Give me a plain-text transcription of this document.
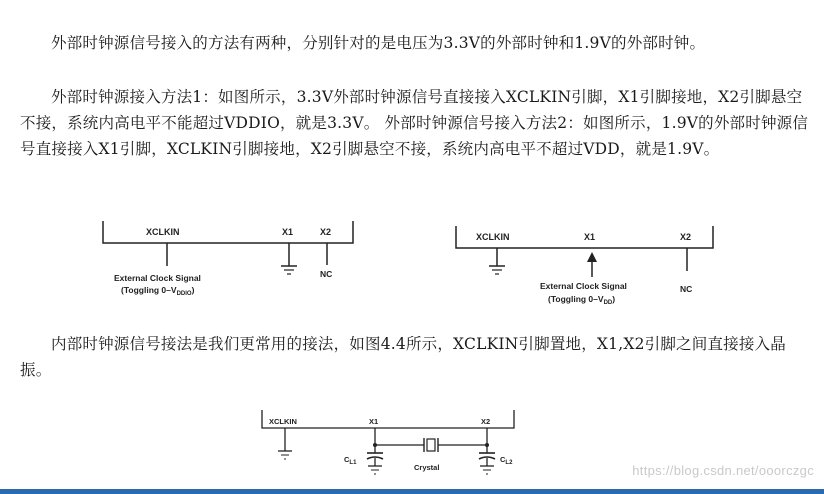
外部时钟源信号接入的方法有两种，分别针对的是电压为3.3V的外部时钟和1.9V的外部时钟。

外部时钟源接入方法1：如图所示，3.3V外部时钟源信号直接接入XCLKIN引脚，X1引脚接地，X2引脚悬空不接，系统内高电平不能超过VDDIO，就是3.3V。 外部时钟源信号接入方法2：如图所示，1.9V的外部时钟源信号直接接入X1引脚，XCLKIN引脚接地，X2引脚悬空不接，系统内高电平不超过VDD，就是1.9V。

内部时钟源信号接法是我们更常用的接法，如图4.4所示，XCLKIN引脚置地，X1,X2引脚之间直接接入晶振。

XCLKIN	X1	X2
External Clock Signal
(Toggling $0-V_{DDIO}$)
NC
XCLKIN	X1	X2
External Clock Signal
(Toggling $0-V_{DD}$)
NC
XCLKIN	X1	X2
$C_{L1}$	$C_{L2}$
Crystal	https://blog.csdn.net/ooorczgc
